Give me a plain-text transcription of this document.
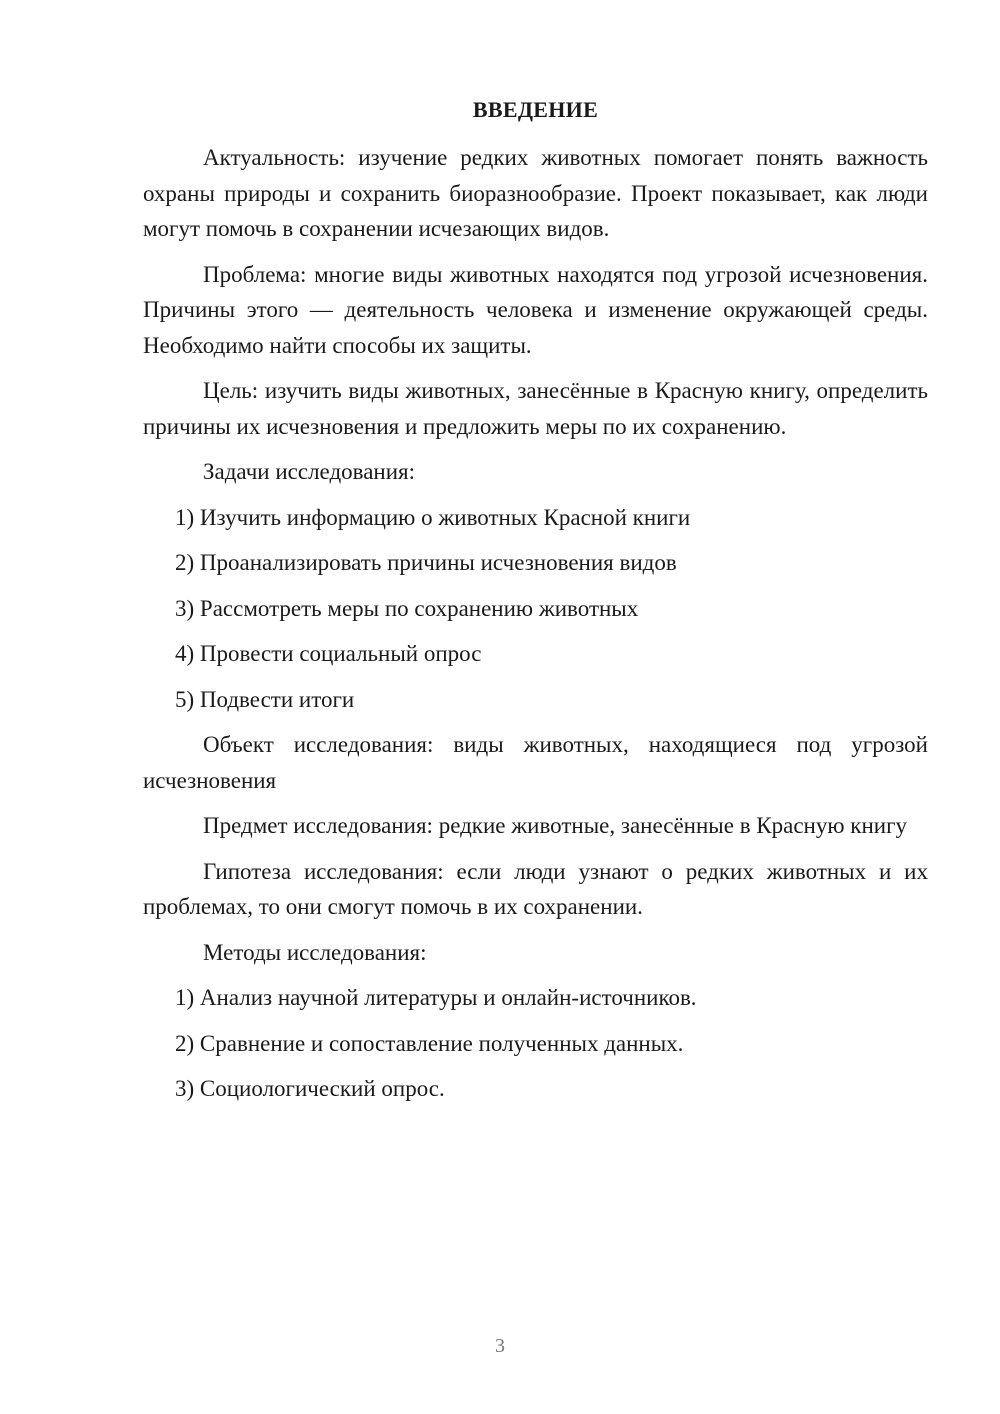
ВВЕДЕНИЕ

Актуальность: изучение редких животных помогает понять важность охраны природы и сохранить биоразнообразие. Проект показывает, как люди могут помочь в сохранении исчезающих видов.

Проблема: многие виды животных находятся под угрозой исчезновения. Причины этого — деятельность человека и изменение окружающей среды. Необходимо найти способы их защиты.

Цель: изучить виды животных, занесённые в Красную книгу, определить причины их исчезновения и предложить меры по их сохранению.

Задачи исследования:

1) Изучить информацию о животных Красной книги
2) Проанализировать причины исчезновения видов
3) Рассмотреть меры по сохранению животных
4) Провести социальный опрос
5) Подвести итоги

Объект исследования: виды животных, находящиеся под угрозой исчезновения

Предмет исследования: редкие животные, занесённые в Красную книгу

Гипотеза исследования: если люди узнают о редких животных и их проблемах, то они смогут помочь в их сохранении.

Методы исследования:

1) Анализ научной литературы и онлайн-источников.
2) Сравнение и сопоставление полученных данных.
3) Социологический опрос.
3
